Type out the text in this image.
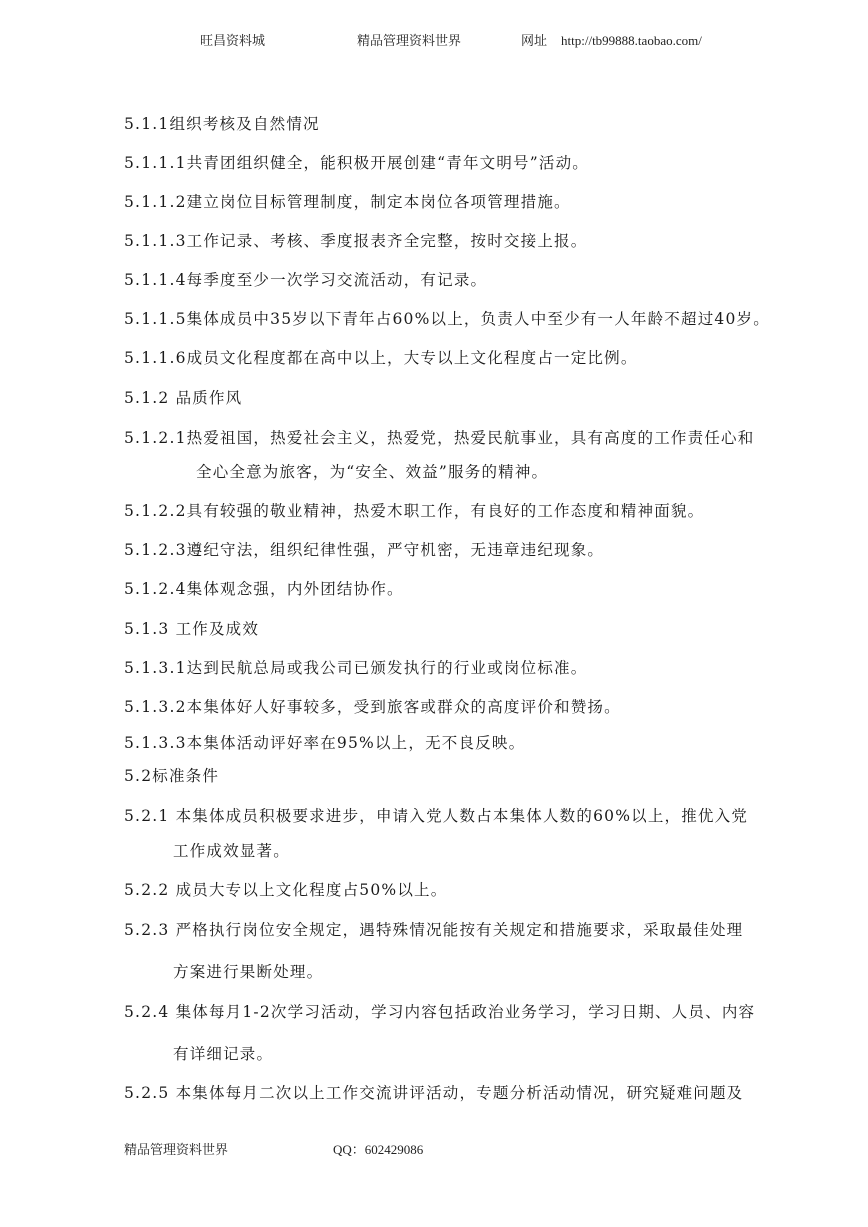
旺昌资料城	精品管理资料世界	网址 http://tb99888.taobao.com/
5.1.1组织考核及自然情况
5.1.1.1共青团组织健全，能积极开展创建“青年文明号”活动。
5.1.1.2建立岗位目标管理制度，制定本岗位各项管理措施。
5.1.1.3工作记录、考核、季度报表齐全完整，按时交接上报。
5.1.1.4每季度至少一次学习交流活动，有记录。
5.1.1.5集体成员中35岁以下青年占60%以上，负责人中至少有一人年龄不超过40岁。
5.1.1.6成员文化程度都在高中以上，大专以上文化程度占一定比例。
5.1.2 品质作风
5.1.2.1热爱祖国，热爱社会主义，热爱党，热爱民航事业，具有高度的工作责任心和
全心全意为旅客，为“安全、效益”服务的精神。
5.1.2.2具有较强的敬业精神，热爱木职工作，有良好的工作态度和精神面貌。
5.1.2.3遵纪守法，组织纪律性强，严守机密，无违章违纪现象。
5.1.2.4集体观念强，内外团结协作。
5.1.3 工作及成效
5.1.3.1达到民航总局或我公司已颁发执行的行业或岗位标准。
5.1.3.2本集体好人好事较多，受到旅客或群众的高度评价和赞扬。
5.1.3.3本集体活动评好率在95%以上，无不良反映。
5.2标准条件
5.2.1 本集体成员积极要求进步，申请入党人数占本集体人数的60%以上，推优入党
工作成效显著。
5.2.2 成员大专以上文化程度占50%以上。
5.2.3 严格执行岗位安全规定，遇特殊情况能按有关规定和措施要求，采取最佳处理
方案进行果断处理。
5.2.4 集体每月1-2次学习活动，学习内容包括政治业务学习，学习日期、人员、内容
有详细记录。
5.2.5 本集体每月二次以上工作交流讲评活动，专题分析活动情况，研究疑难问题及
精品管理资料世界	QQ：602429086
